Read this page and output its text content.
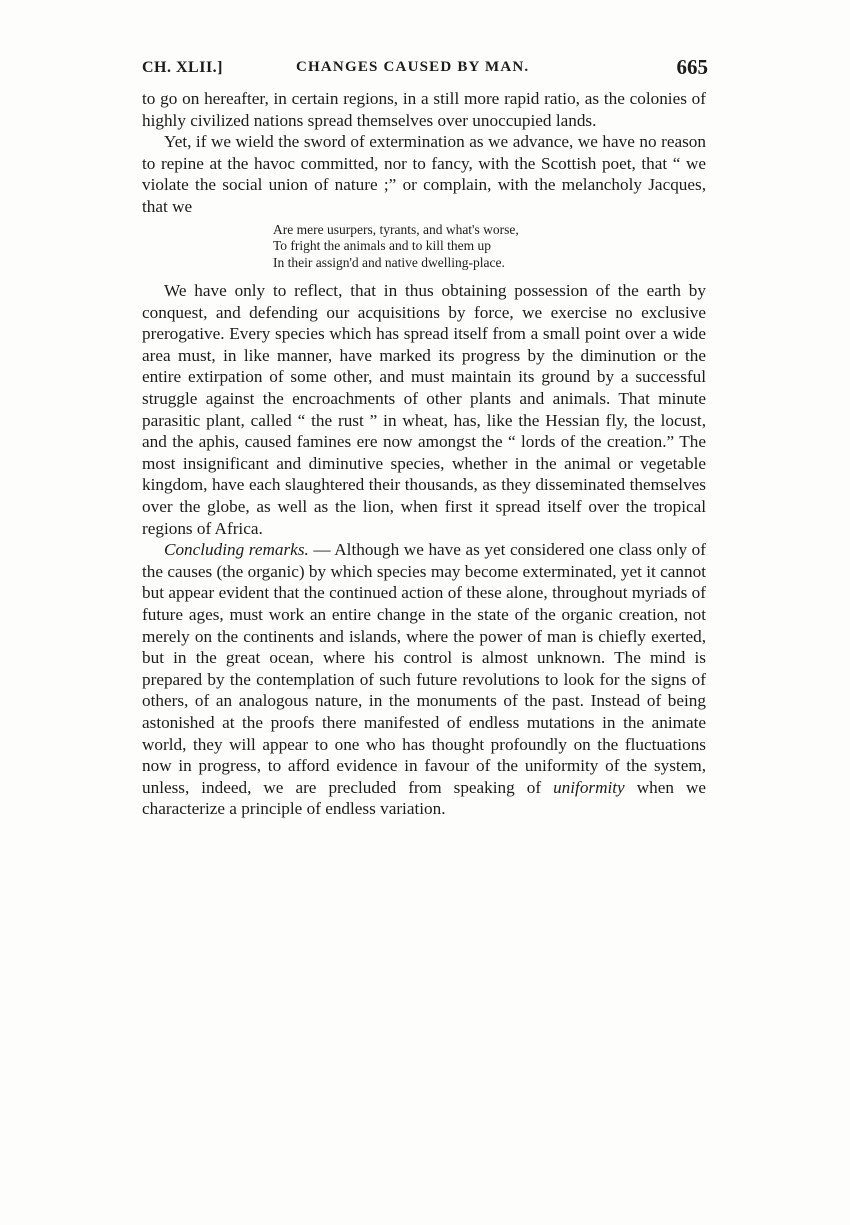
CH. XLII.]	CHANGES CAUSED BY MAN.	665

to go on hereafter, in certain regions, in a still more rapid ratio, as the colonies of highly civilized nations spread themselves over unoccupied lands.

Yet, if we wield the sword of extermination as we advance, we have no reason to repine at the havoc committed, nor to fancy, with the Scottish poet, that “ we violate the social union of nature ;” or complain, with the melancholy Jacques, that we

Are mere usurpers, tyrants, and what's worse,
To fright the animals and to kill them up
In their assign'd and native dwelling-place.

We have only to reflect, that in thus obtaining possession of the earth by conquest, and defending our acquisitions by force, we exercise no exclusive prerogative. Every species which has spread itself from a small point over a wide area must, in like manner, have marked its progress by the diminution or the entire extirpation of some other, and must maintain its ground by a successful struggle against the encroachments of other plants and animals. That minute parasitic plant, called “ the rust ” in wheat, has, like the Hessian fly, the locust, and the aphis, caused famines ere now amongst the “ lords of the creation.” The most insignificant and diminutive species, whether in the animal or vegetable kingdom, have each slaughtered their thousands, as they disseminated themselves over the globe, as well as the lion, when first it spread itself over the tropical regions of Africa.

Concluding remarks. — Although we have as yet considered one class only of the causes (the organic) by which species may become exterminated, yet it cannot but appear evident that the continued action of these alone, throughout myriads of future ages, must work an entire change in the state of the organic creation, not merely on the continents and islands, where the power of man is chiefly exerted, but in the great ocean, where his control is almost unknown. The mind is prepared by the contemplation of such future revolutions to look for the signs of others, of an analogous nature, in the monuments of the past. Instead of being astonished at the proofs there manifested of endless mutations in the animate world, they will appear to one who has thought profoundly on the fluctuations now in progress, to afford evidence in favour of the uniformity of the system, unless, indeed, we are precluded from speaking of uniformity when we characterize a principle of endless variation.
